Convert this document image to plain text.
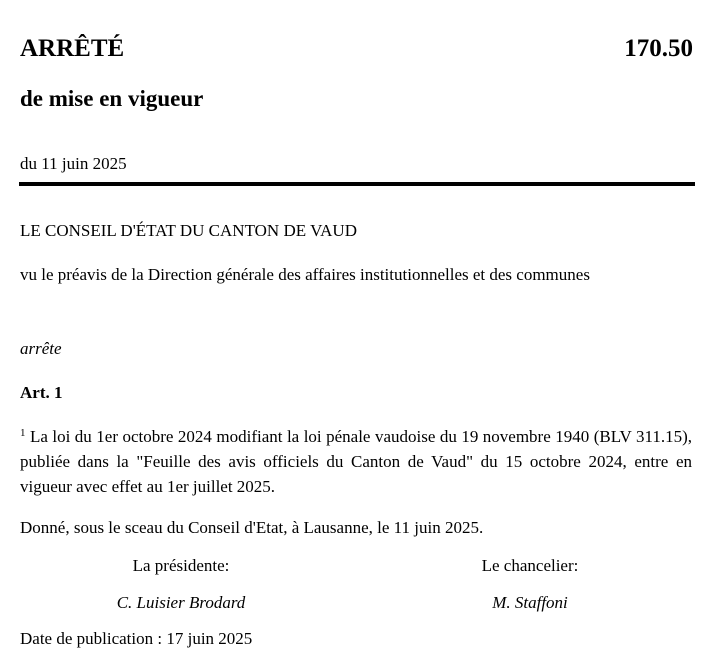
ARRÊTÉ	170.50
de mise en vigueur
du 11 juin 2025
LE CONSEIL D'ÉTAT DU CANTON DE VAUD
vu le préavis de la Direction générale des affaires institutionnelles et des communes
arrête
Art. 1
$^1$ La loi du 1er octobre 2024 modifiant la loi pénale vaudoise du 19 novembre 1940 (BLV 311.15), publiée dans la "Feuille des avis officiels du Canton de Vaud" du 15 octobre 2024, entre en vigueur avec effet au 1er juillet 2025.
Donné, sous le sceau du Conseil d'Etat, à Lausanne, le 11 juin 2025.
La présidente:	Le chancelier:
C. Luisier Brodard	M. Staffoni
Date de publication : 17 juin 2025
